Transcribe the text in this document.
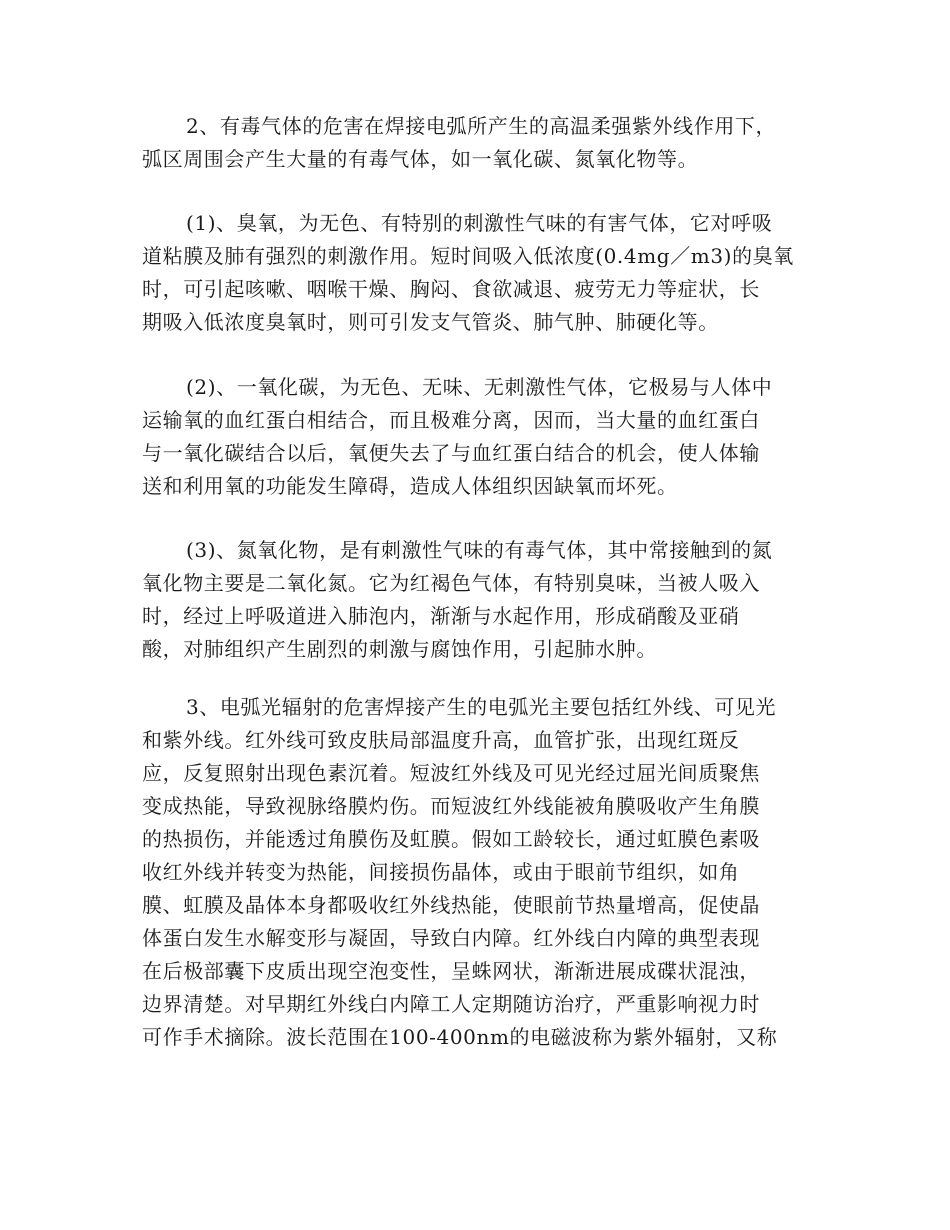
2、有毒气体的危害在焊接电弧所产生的高温柔强紫外线作用下，
弧区周围会产生大量的有毒气体，如一氧化碳、氮氧化物等。
(1)、臭氧，为无色、有特别的刺激性气味的有害气体，它对呼吸
道粘膜及肺有强烈的刺激作用。短时间吸入低浓度(0.4mg／m3)的臭氧
时，可引起咳嗽、咽喉干燥、胸闷、食欲减退、疲劳无力等症状，长
期吸入低浓度臭氧时，则可引发支气管炎、肺气肿、肺硬化等。
(2)、一氧化碳，为无色、无味、无刺激性气体，它极易与人体中
运输氧的血红蛋白相结合，而且极难分离，因而，当大量的血红蛋白
与一氧化碳结合以后，氧便失去了与血红蛋白结合的机会，使人体输
送和利用氧的功能发生障碍，造成人体组织因缺氧而坏死。
(3)、氮氧化物，是有刺激性气味的有毒气体，其中常接触到的氮
氧化物主要是二氧化氮。它为红褐色气体，有特别臭味，当被人吸入
时，经过上呼吸道进入肺泡内，渐渐与水起作用，形成硝酸及亚硝
酸，对肺组织产生剧烈的刺激与腐蚀作用，引起肺水肿。
3、电弧光辐射的危害焊接产生的电弧光主要包括红外线、可见光
和紫外线。红外线可致皮肤局部温度升高，血管扩张，出现红斑反
应，反复照射出现色素沉着。短波红外线及可见光经过屈光间质聚焦
变成热能，导致视脉络膜灼伤。而短波红外线能被角膜吸收产生角膜
的热损伤，并能透过角膜伤及虹膜。假如工龄较长，通过虹膜色素吸
收红外线并转变为热能，间接损伤晶体，或由于眼前节组织，如角
膜、虹膜及晶体本身都吸收红外线热能，使眼前节热量增高，促使晶
体蛋白发生水解变形与凝固，导致白内障。红外线白内障的典型表现
在后极部囊下皮质出现空泡变性，呈蛛网状，渐渐进展成碟状混浊，
边界清楚。对早期红外线白内障工人定期随访治疗，严重影响视力时
可作手术摘除。波长范围在100-400nm的电磁波称为紫外辐射，又称
